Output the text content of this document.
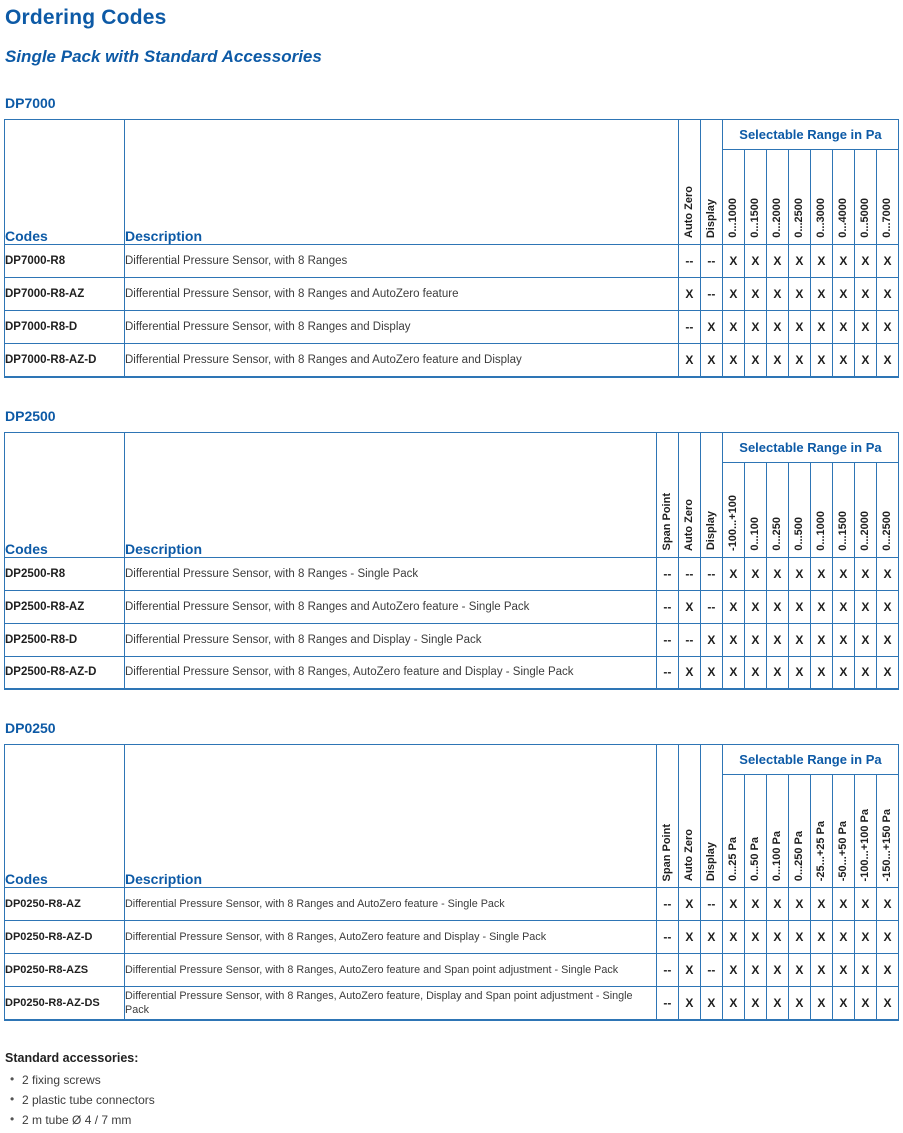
Ordering Codes
Single Pack with Standard Accessories
DP7000
Codes	Description	Auto Zero	Display	Selectable Range in Pa							
				0...1000	0...1500	0...2000	0...2500	0...3000	0...4000	0...5000	0...7000
DP7000-R8	Differential Pressure Sensor, with 8 Ranges	--	--	X	X	X	X	X	X	X	X
DP7000-R8-AZ	Differential Pressure Sensor, with 8 Ranges and AutoZero feature	X	--	X	X	X	X	X	X	X	X
DP7000-R8-D	Differential Pressure Sensor, with 8 Ranges and Display	--	X	X	X	X	X	X	X	X	X
DP7000-R8-AZ-D	Differential Pressure Sensor, with 8 Ranges and AutoZero feature and Display	X	X	X	X	X	X	X	X	X	X
DP2500
Codes	Description	Span Point	Auto Zero	Display	Selectable Range in Pa							
					-100...+100	0...100	0...250	0...500	0...1000	0...1500	0...2000	0...2500
DP2500-R8	Differential Pressure Sensor, with 8 Ranges - Single Pack	--	--	--	X	X	X	X	X	X	X	X
DP2500-R8-AZ	Differential Pressure Sensor, with 8 Ranges and AutoZero feature - Single Pack	--	X	--	X	X	X	X	X	X	X	X
DP2500-R8-D	Differential Pressure Sensor, with 8 Ranges and Display - Single Pack	--	--	X	X	X	X	X	X	X	X	X
DP2500-R8-AZ-D	Differential Pressure Sensor, with 8 Ranges, AutoZero feature and Display - Single Pack	--	X	X	X	X	X	X	X	X	X	X
DP0250
Codes	Description	Span Point	Auto Zero	Display	Selectable Range in Pa							
					0...25 Pa	0...50 Pa	0...100 Pa	0...250 Pa	-25...+25 Pa	-50...+50 Pa	-100...+100 Pa	-150...+150 Pa
DP0250-R8-AZ	Differential Pressure Sensor, with 8 Ranges and AutoZero feature - Single Pack	--	X	--	X	X	X	X	X	X	X	X
DP0250-R8-AZ-D	Differential Pressure Sensor, with 8 Ranges, AutoZero feature and Display - Single Pack	--	X	X	X	X	X	X	X	X	X	X
DP0250-R8-AZS	Differential Pressure Sensor, with 8 Ranges, AutoZero feature and Span point adjustment - Single Pack	--	X	--	X	X	X	X	X	X	X	X
DP0250-R8-AZ-DS	Differential Pressure Sensor, with 8 Ranges, AutoZero feature, Display and Span point adjustment - Single Pack	--	X	X	X	X	X	X	X	X	X	X
Standard accessories:
• 2 fixing screws
• 2 plastic tube connectors
• 2 m tube Ø 4 / 7 mm
